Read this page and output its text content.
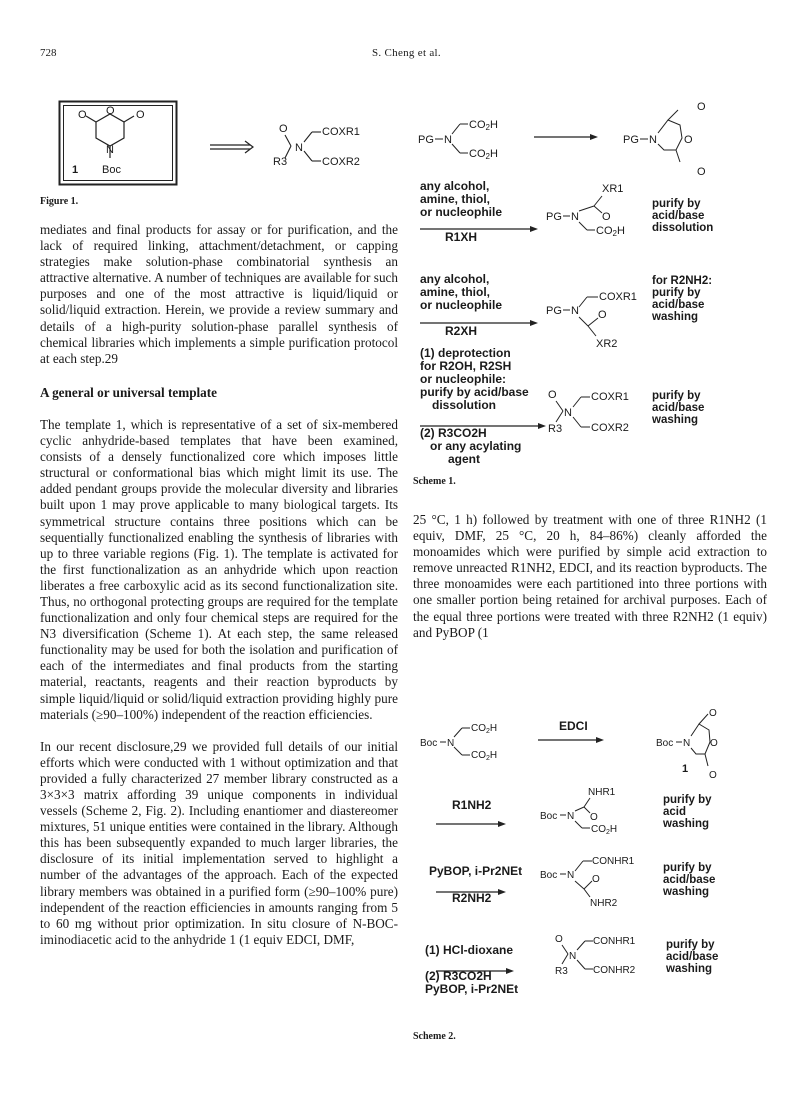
728	S. Cheng et al.
O O O
N
1 Boc
Figure 1.
O
N
COXR1
R3	COXR2

mediates and final products for assay or for purification, and the lack of required linking, attachment/detachment, or capping strategies make solution-phase combinatorial synthesis an attractive alternative. A number of techniques are available for such purposes and one of the most attractive is liquid/liquid or solid/liquid extraction. Herein, we provide a review summary and details of a high-purity solution-phase parallel synthesis of chemical libraries which implements a simple purification protocol at each step.29

A general or universal template

The template 1, which is representative of a set of six-membered cyclic anhydride-based templates that have been examined, consists of a densely functionalized core which imposes little structural or conformational bias which might limit its use. The added pendant groups provide the molecular diversity and libraries built upon 1 may prove applicable to many biological targets. Its symmetrical structure contains three positions which can be sequentially functionalized enabling the synthesis of libraries with up to three variable regions (Fig. 1). The template is activated for the first functionalization as an anhydride which upon reaction liberates a free carboxylic acid as its second functionalization site. Thus, no orthogonal protecting groups are required for the template functionalization and only four chemical steps are required for the N3 diversification (Scheme 1). At each step, the same released functionality may be used for both the isolation and purification of each of the intermediates and final products from the starting material, reactants, reagents and their reaction byproducts by simple liquid/liquid or solid/liquid extraction providing highly pure materials (≥90–100%) independent of the reaction efficiencies.

In our recent disclosure,29 we provided full details of our initial efforts which were conducted with 1 without optimization and that provided a fully characterized 27 member library constructed as a 3×3×3 matrix affording 39 unique components in individual vessels (Scheme 2, Fig. 2). Including enantiomer and diastereomer mixtures, 51 unique entities were contained in the library. Although this has been subsequently expanded to much larger libraries, the disclosure of its initial implementation served to highlight a number of the advantages of the approach. Each of the expected library members was obtained in a purified form (≥90–100% pure) independent of the reaction efficiencies in amounts ranging from 5 to 60 mg without prior optimization. In situ closure of N-BOC-iminodiacetic acid to the anhydride 1 (1 equiv EDCI, DMF,

PG N
CO2H
CO2H
PG N
O
O
O
any alcohol,
amine, thiol,
or nucleophile
R1XH
XR1
PG N O
CO2H
purify by
acid/base
dissolution
any alcohol,
amine, thiol,
or nucleophile
R2XH
COXR1
PG N O
XR2
for R2NH2:
purify by
acid/base
washing
(1) deprotection
for R2OH, R2SH
or nucleophile:
purify by acid/base
dissolution
(2) R3CO2H
or any acylating
agent
O
N
COXR1
R3	COXR2
purify by
acid/base
washing
Scheme 1.

25 °C, 1 h) followed by treatment with one of three R1NH2 (1 equiv, DMF, 25 °C, 20 h, 84–86%) cleanly afforded the monoamides which were purified by simple acid extraction to remove unreacted R1NH2, EDCI, and its reaction byproducts. The three monoamides were each partitioned into three portions with one smaller portion being retained for archival purposes. Each of the equal three portions were treated with three R2NH2 (1 equiv) and PyBOP (1

Boc N
$CO_2H$
$CO_2H$
EDCI
Boc N
O
O
O
1
R1NH2
NHR1
Boc N O
$CO_2H$
purify by
acid
washing
PyBOP, i-Pr2NEt
R2NH2
CONHR1
Boc N O
NHR2
purify by
acid/base
washing
(1) HCl-dioxane
(2) R3CO2H
PyBOP, i-Pr2NEt
O
N
CONHR1
R3	CONHR2
purify by
acid/base
washing
Scheme 2.
